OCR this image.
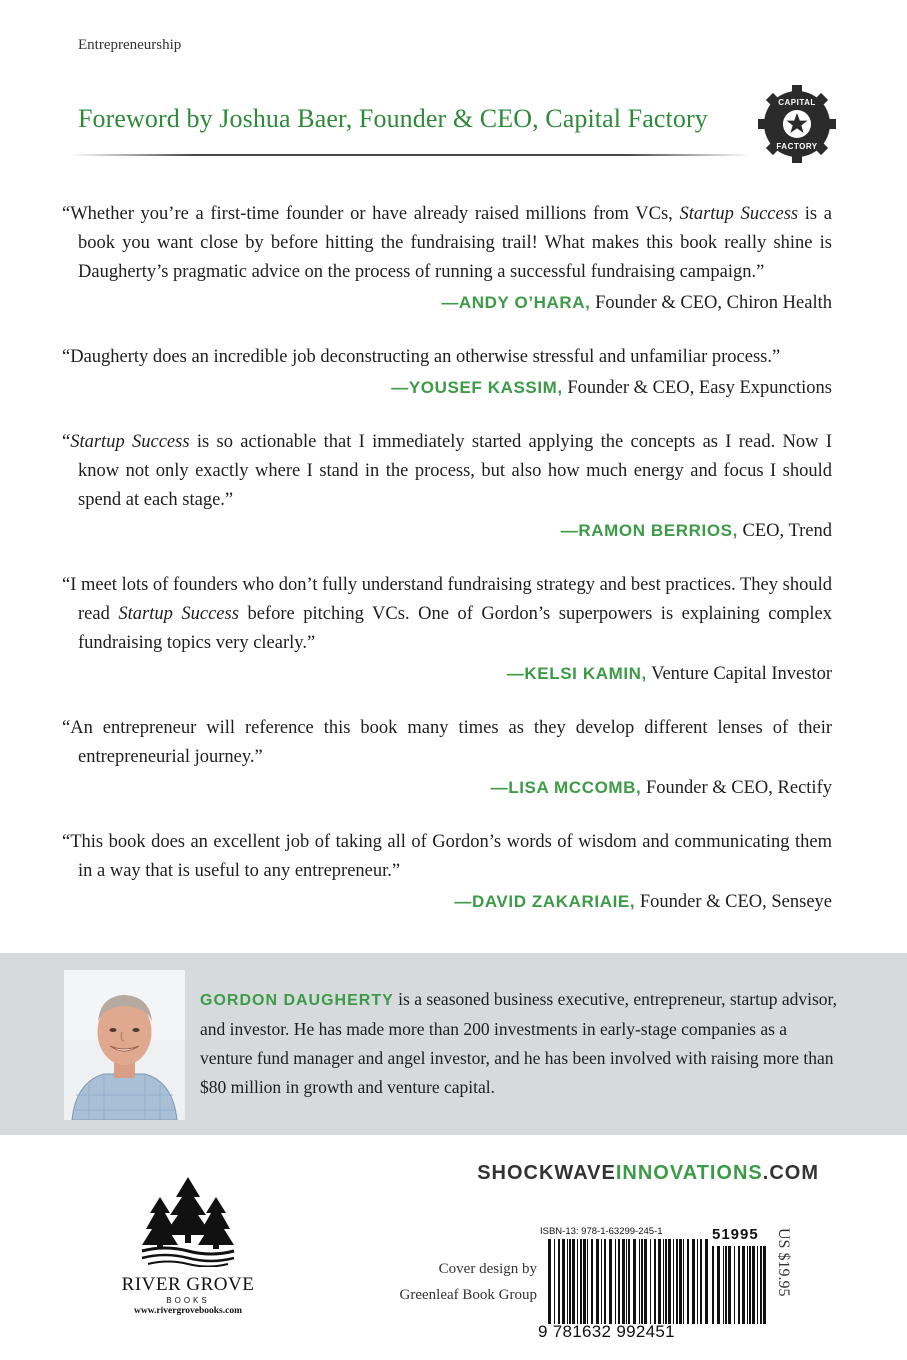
Entrepreneurship
Foreword by Joshua Baer, Founder & CEO, Capital Factory
CAPITAL
FACTORY
“Whether you’re a first-time founder or have already raised millions from VCs, Startup Success is a book you want close by before hitting the fundraising trail! What makes this book really shine is Daugherty’s pragmatic advice on the process of running a successful fundraising campaign.”
—ANDY O’HARA, Founder & CEO, Chiron Health
“Daugherty does an incredible job deconstructing an otherwise stressful and unfamiliar process.”
—YOUSEF KASSIM, Founder & CEO, Easy Expunctions
“Startup Success is so actionable that I immediately started applying the concepts as I read. Now I know not only exactly where I stand in the process, but also how much energy and focus I should spend at each stage.”
—RAMON BERRIOS, CEO, Trend
“I meet lots of founders who don’t fully understand fundraising strategy and best practices. They should read Startup Success before pitching VCs. One of Gordon’s superpowers is explaining complex fundraising topics very clearly.”
—KELSI KAMIN, Venture Capital Investor
“An entrepreneur will reference this book many times as they develop different lenses of their entrepreneurial journey.”
—LISA MCCOMB, Founder & CEO, Rectify
“This book does an excellent job of taking all of Gordon’s words of wisdom and communicating them in a way that is useful to any entrepreneur.”
—DAVID ZAKARIAIE, Founder & CEO, Senseye
GORDON DAUGHERTY is a seasoned business executive, entrepreneur, startup advisor, and investor. He has made more than 200 investments in early-stage companies as a venture fund manager and angel investor, and he has been involved with raising more than $80 million in growth and venture capital.
SHOCKWAVEINNOVATIONS.COM
RIVER GROVE
BOOKS
www.rivergrovebooks.com
Cover design by
Greenleaf Book Group
ISBN-13: 978-1-63299-245-1	51995
9 781632 992451
US $19.95
